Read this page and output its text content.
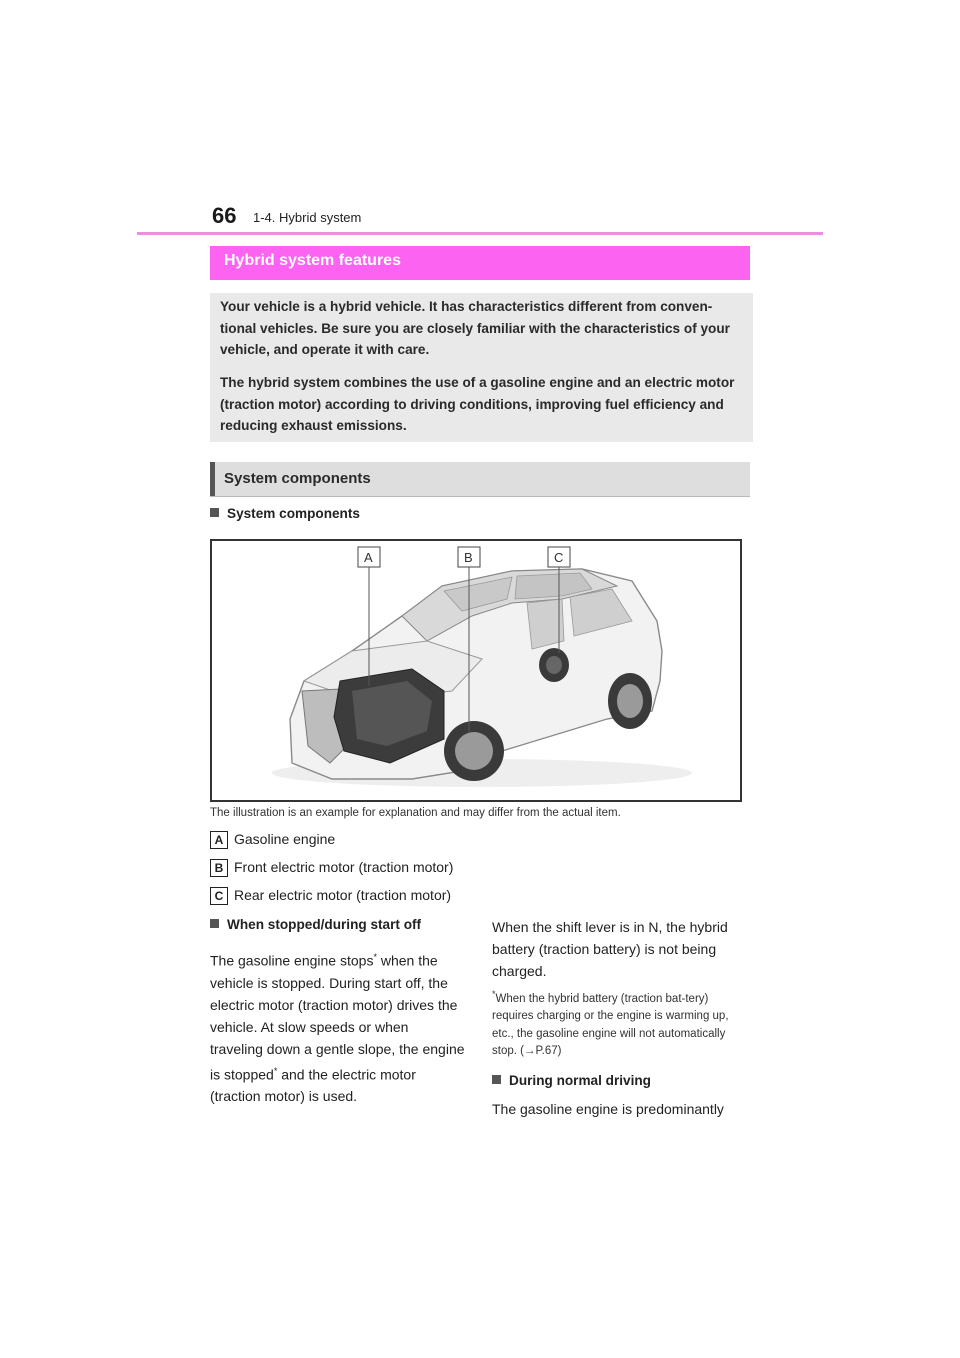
66 1-4. Hybrid system
Hybrid system features

Your vehicle is a hybrid vehicle. It has characteristics different from conven-tional vehicles. Be sure you are closely familiar with the characteristics of your vehicle, and operate it with care.

The hybrid system combines the use of a gasoline engine and an electric motor (traction motor) according to driving conditions, improving fuel efficiency and reducing exhaust emissions.

System components
System components
A	B	C
The illustration is an example for explanation and may differ from the actual item.
A Gasoline engine
B Front electric motor (traction motor)
C Rear electric motor (traction motor)
When stopped/during start off
The gasoline engine stops* when the vehicle is stopped. During start off, the electric motor (traction motor) drives the vehicle. At slow speeds or when traveling down a gentle slope, the engine is stopped* and the electric motor (traction motor) is used.
When the shift lever is in N, the hybrid battery (traction battery) is not being charged.
*When the hybrid battery (traction bat-tery) requires charging or the engine is warming up, etc., the gasoline engine will not automatically stop. (→P.67)
During normal driving
The gasoline engine is predominantly
